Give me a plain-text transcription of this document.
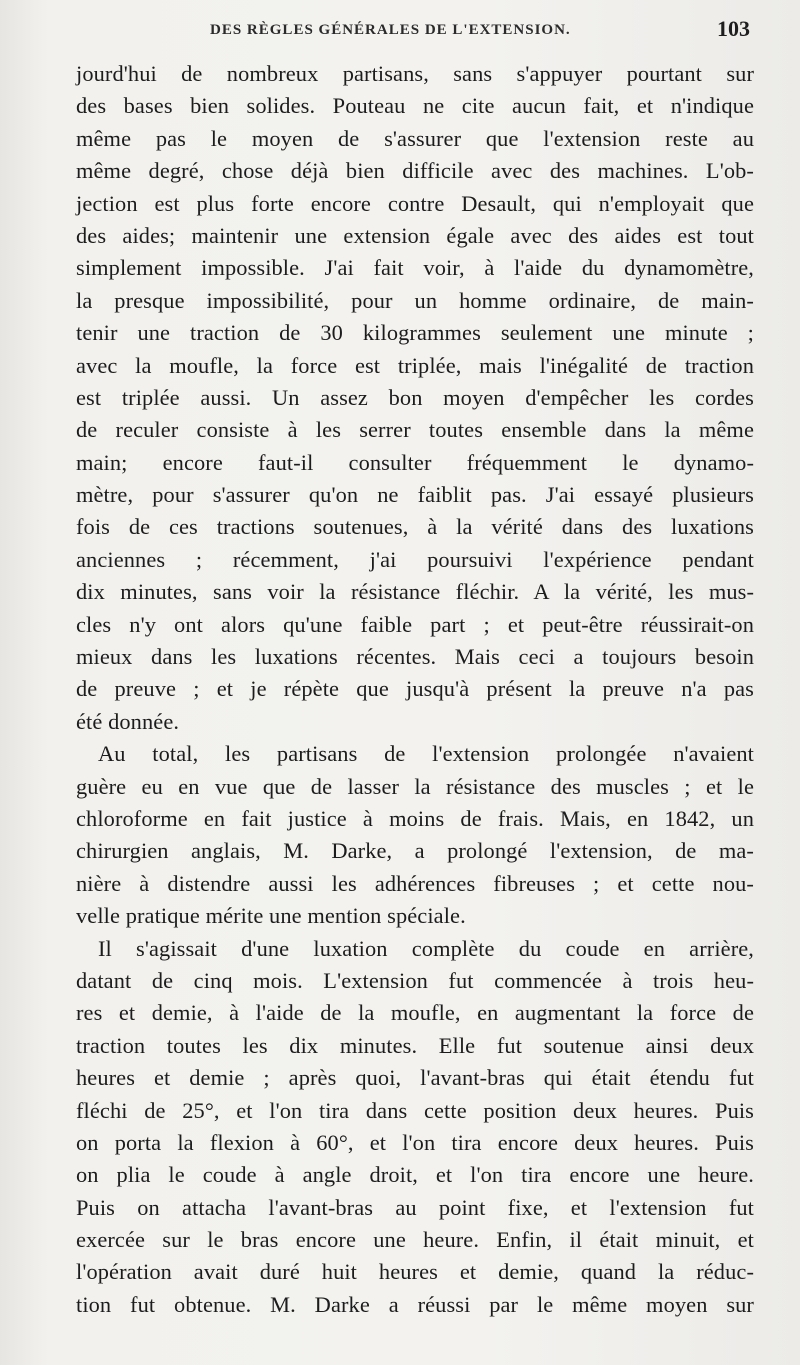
DES RÈGLES GÉNÉRALES DE L'EXTENSION.	103
jourd'hui de nombreux partisans, sans s'appuyer pourtant sur
des bases bien solides. Pouteau ne cite aucun fait, et n'indique
même pas le moyen de s'assurer que l'extension reste au
même degré, chose déjà bien difficile avec des machines. L'ob-
jection est plus forte encore contre Desault, qui n'employait que
des aides; maintenir une extension égale avec des aides est tout
simplement impossible. J'ai fait voir, à l'aide du dynamomètre,
la presque impossibilité, pour un homme ordinaire, de main-
tenir une traction de 30 kilogrammes seulement une minute ;
avec la moufle, la force est triplée, mais l'inégalité de traction
est triplée aussi. Un assez bon moyen d'empêcher les cordes
de reculer consiste à les serrer toutes ensemble dans la même
main; encore faut-il consulter fréquemment le dynamo-
mètre, pour s'assurer qu'on ne faiblit pas. J'ai essayé plusieurs
fois de ces tractions soutenues, à la vérité dans des luxations
anciennes ; récemment, j'ai poursuivi l'expérience pendant
dix minutes, sans voir la résistance fléchir. A la vérité, les mus-
cles n'y ont alors qu'une faible part ; et peut-être réussirait-on
mieux dans les luxations récentes. Mais ceci a toujours besoin
de preuve ; et je répète que jusqu'à présent la preuve n'a pas
été donnée.
Au total, les partisans de l'extension prolongée n'avaient
guère eu en vue que de lasser la résistance des muscles ; et le
chloroforme en fait justice à moins de frais. Mais, en 1842, un
chirurgien anglais, M. Darke, a prolongé l'extension, de ma-
nière à distendre aussi les adhérences fibreuses ; et cette nou-
velle pratique mérite une mention spéciale.
Il s'agissait d'une luxation complète du coude en arrière,
datant de cinq mois. L'extension fut commencée à trois heu-
res et demie, à l'aide de la moufle, en augmentant la force de
traction toutes les dix minutes. Elle fut soutenue ainsi deux
heures et demie ; après quoi, l'avant-bras qui était étendu fut
fléchi de 25°, et l'on tira dans cette position deux heures. Puis
on porta la flexion à 60°, et l'on tira encore deux heures. Puis
on plia le coude à angle droit, et l'on tira encore une heure.
Puis on attacha l'avant-bras au point fixe, et l'extension fut
exercée sur le bras encore une heure. Enfin, il était minuit, et
l'opération avait duré huit heures et demie, quand la réduc-
tion fut obtenue. M. Darke a réussi par le même moyen sur
